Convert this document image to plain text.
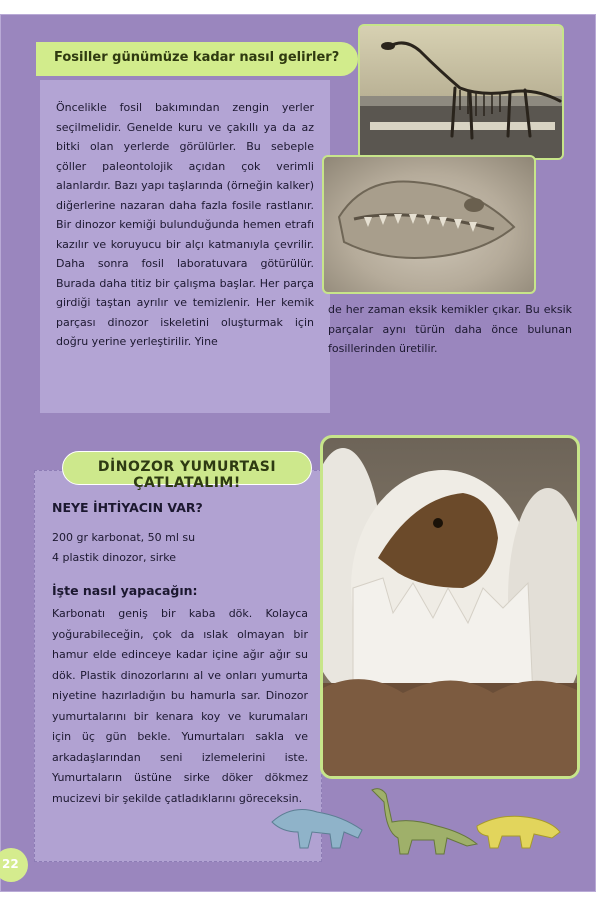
Fosiller günümüze kadar nasıl gelirler?

Öncelikle fosil bakımından zengin yerler seçilmelidir. Genelde kuru ve çakıllı ya da az bitki olan yerlerde görülürler. Bu sebeple çöller paleontolojik açıdan çok verimli alanlardır. Bazı yapı taşlarında (örneğin kalker) diğerlerine nazaran daha fazla fosile rastlanır. Bir dinozor kemiği bulunduğunda hemen etrafı kazılır ve koruyucu bir alçı katmanıyla çevrilir. Daha sonra fosil laboratuvara götürülür. Burada daha titiz bir çalışma başlar. Her parça girdiği taştan ayrılır ve temizlenir. Her kemik parçası dinozor iskeletini oluşturmak için doğru yerine yerleştirilir. Yine

de her zaman eksik kemikler çıkar. Bu eksik parçalar aynı türün daha önce bulunan fosillerinden üretilir.

DİNOZOR YUMURTASI ÇATLATALIM!

NEYE İHTİYACIN VAR?

200 gr karbonat, 50 ml su
4 plastik dinozor, sirke

İşte nasıl yapacağın:

Karbonatı geniş bir kaba dök. Kolayca yoğurabileceğin, çok da ıslak olmayan bir hamur elde edinceye kadar içine ağır ağır su dök. Plastik dinozorlarını al ve onları yumurta niyetine hazırladığın bu hamurla sar. Dinozor yumurtalarını bir kenara koy ve kurumaları için üç gün bekle. Yumurtaları sakla ve arkadaşlarından seni izlemelerini iste. Yumurtaların üstüne sirke döker dökmez mucizevi bir şekilde çatladıklarını göreceksin.

22
